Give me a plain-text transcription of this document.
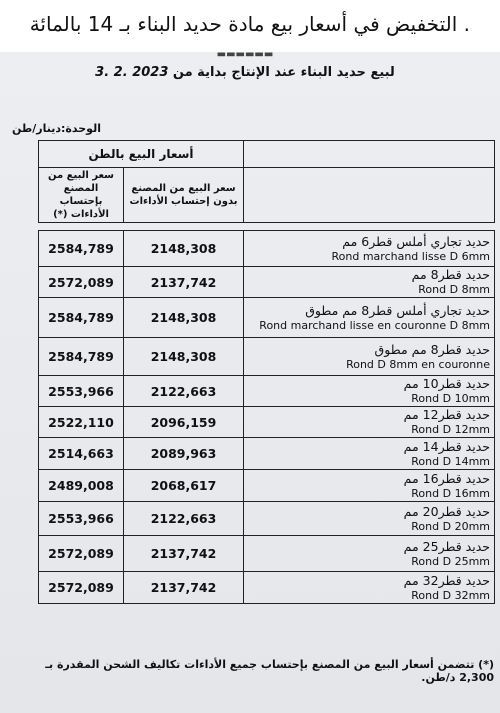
. التخفيض في أسعار بيع مادة حديد البناء بـ 14 بالمائة
▬▬▬▬▬▬
لبيع حديد البناء عند الإنتاج بداية من 2023 .2 .3
الوحدة:دينار/طن
أسعار البيع بالطن		
سعر البيع من المصنع بإحتساب الأداءات (*)	سعر البيع من المصنع بدون إحتساب الأداءات	

2584,789	2148,308	حديد تجاري أملس قطر6 مم
Rond marchand lisse D 6mm

2572,089	2137,742	حديد قطر8 مم
Rond D 8mm

2584,789	2148,308	حديد تجاري أملس قطر8 مم مطوق
Rond marchand lisse en couronne D 8mm

2584,789	2148,308	حديد قطر8 مم مطوق
Rond D 8mm en couronne

2553,966	2122,663	حديد قطر10 مم
Rond D 10mm

2522,110	2096,159	حديد قطر12 مم
Rond D 12mm

2514,663	2089,963	حديد قطر14 مم
Rond D 14mm

2489,008	2068,617	حديد قطر16 مم
Rond D 16mm

2553,966	2122,663	حديد قطر20 مم
Rond D 20mm

2572,089	2137,742	حديد قطر25 مم
Rond D 25mm

2572,089	2137,742	حديد قطر32 مم
Rond D 32mm
(*) تتضمن أسعار البيع من المصنع بإحتساب جميع الأداءات تكاليف الشحن المقدرة بـ 2,300 د/طن.
